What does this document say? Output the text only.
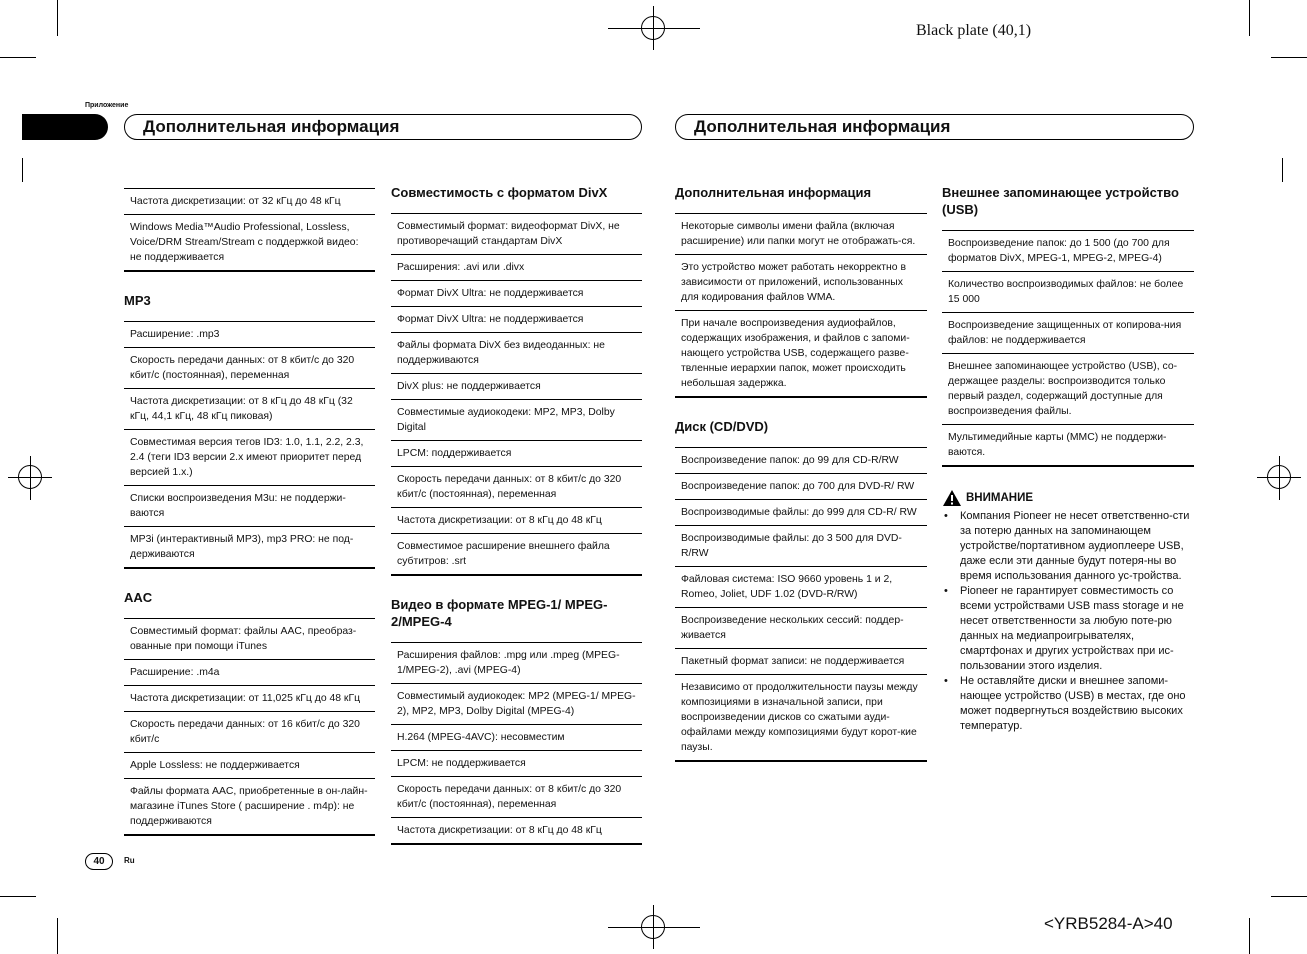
Black plate (40,1)
<YRB5284-A>40
Приложение
Дополнительная информация	Дополнительная информация
Частота дискретизации: от 32 кГц до 48 кГц
Windows Media™Audio Professional, Lossless, Voice/DRM Stream/Stream с поддержкой видео: не поддерживается
MP3
Расширение: .mp3
Скорость передачи данных: от 8 кбит/с до 320 кбит/с (постоянная), переменная
Частота дискретизации: от 8 кГц до 48 кГц (32 кГц, 44,1 кГц, 48 кГц пиковая)
Совместимая версия тегов ID3: 1.0, 1.1, 2.2, 2.3, 2.4 (теги ID3 версии 2.x имеют приоритет перед версией 1.x.)
Списки воспроизведения M3u: не поддержи-ваются
MP3i (интерактивный MP3), mp3 PRO: не под-держиваются
AAC
Совместимый формат: файлы AAC, преобраз-ованные при помощи iTunes
Расширение: .m4a
Частота дискретизации: от 11,025 кГц до 48 кГц
Скорость передачи данных: от 16 кбит/с до 320 кбит/с
Apple Lossless: не поддерживается
Файлы формата AAC, приобретенные в он-лайн-магазине iTunes Store ( расширение . m4p): не поддерживаются
Совместимость с форматом DivX
Совместимый формат: видеоформат DivX, не противоречащий стандартам DivX
Расширения: .avi или .divx
Формат DivX Ultra: не поддерживается
Формат DivX Ultra: не поддерживается
Файлы формата DivX без видеоданных: не поддерживаются
DivX plus: не поддерживается
Совместимые аудиокодеки: MP2, MP3, Dolby Digital
LPCM: поддерживается
Скорость передачи данных: от 8 кбит/с до 320 кбит/с (постоянная), переменная
Частота дискретизации: от 8 кГц до 48 кГц
Совместимое расширение внешнего файла субтитров: .srt
Видео в формате MPEG-1/ MPEG-2/MPEG-4
Расширения файлов: .mpg или .mpeg (MPEG-1/MPEG-2), .avi (MPEG-4)
Совместимый аудиокодек: MP2 (MPEG-1/ MPEG-2), MP2, MP3, Dolby Digital (MPEG-4)
H.264 (MPEG-4AVC): несовместим
LPCM: не поддерживается
Скорость передачи данных: от 8 кбит/с до 320 кбит/с (постоянная), переменная
Частота дискретизации: от 8 кГц до 48 кГц
Дополнительная информация
Некоторые символы имени файла (включая расширение) или папки могут не отображать-ся.
Это устройство может работать некорректно в зависимости от приложений, использованных для кодирования файлов WMA.
При начале воспроизведения аудиофайлов, содержащих изображения, и файлов с запоми-нающего устройства USB, содержащего разве-твленные иерархии папок, может происходить небольшая задержка.
Диск (CD/DVD)
Воспроизведение папок: до 99 для CD-R/RW
Воспроизведение папок: до 700 для DVD-R/ RW
Воспроизводимые файлы: до 999 для CD-R/ RW
Воспроизводимые файлы: до 3 500 для DVD-R/RW
Файловая система: ISO 9660 уровень 1 и 2, Romeo, Joliet, UDF 1.02 (DVD-R/RW)
Воспроизведение нескольких сессий: поддер-живается
Пакетный формат записи: не поддерживается
Независимо от продолжительности паузы между композициями в изначальной записи, при воспроизведении дисков со сжатыми ауди-офайлами между композициями будут корот-кие паузы.
Внешнее запоминающее устройство (USB)
Воспроизведение папок: до 1 500 (до 700 для форматов DivX, MPEG-1, MPEG-2, MPEG-4)
Количество воспроизводимых файлов: не более 15 000
Воспроизведение защищенных от копирова-ния файлов: не поддерживается
Внешнее запоминающее устройство (USB), со-держащее разделы: воспроизводится только первый раздел, содержащий доступные для воспроизведения файлы.
Мультимедийные карты (MMC) не поддержи-ваются.
ВНИМАНИЕ
• Компания Pioneer не несет ответственно-сти за потерю данных на запоминающем устройстве/портативном аудиоплеере USB, даже если эти данные будут потеря-ны во время использования данного ус-тройства.
• Pioneer не гарантирует совместимость со всеми устройствами USB mass storage и не несет ответственности за любую поте-рю данных на медиапроигрывателях, смартфонах и других устройствах при ис-пользовании этого изделия.
• Не оставляйте диски и внешнее запоми-нающее устройство (USB) в местах, где оно может подвергнуться воздействию высоких температур.
40	Ru
